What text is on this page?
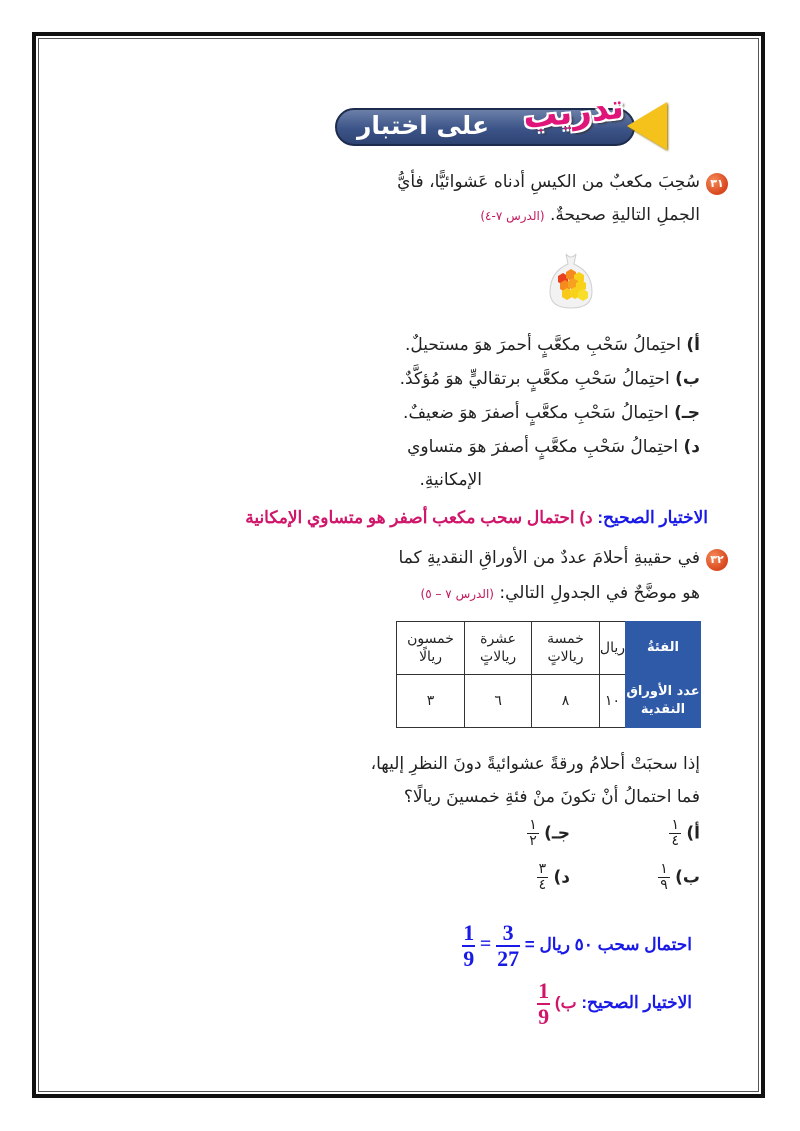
على اختبار تدريب
٣١
سُحِبَ مكعبٌ من الكيسِ أدناه عَشوائيًّا، فأيُّ
الجملِ التاليةِ صحيحةٌ. (الدرس ٧-٤)
أ) احتِمالُ سَحْبِ مكعَّبٍ أحمرَ هوَ مستحيلٌ.
ب) احتِمالُ سَحْبِ مكعَّبٍ برتقاليٍّ هوَ مُؤكَّدٌ.
جـ) احتِمالُ سَحْبِ مكعَّبٍ أصفرَ هوَ ضعيفٌ.
د) احتِمالُ سَحْبِ مكعَّبٍ أصفرَ هوَ متساوي
الإمكانيةِ.
الاختيار الصحيح: د) احتمال سحب مكعب أصفر هو متساوي الإمكانية
٣٢
في حقيبةِ أحلامَ عددٌ من الأوراقِ النقديةِ كما
هو موضَّحٌ في الجدولِ التالي: (الدرس ٧ – ٥)
الفئةُ	ريال	خمسة ريالاتٍ	عشرة ريالاتٍ	خمسون ريالًا
عدد الأوراق النقدية	١٠	٨	٦	٣
إذا سحبَتْ أحلامُ ورقةً عشوائيةً دونَ النظرِ إليها،
فما احتمالُ أنْ تكونَ منْ فئةِ خمسينَ ريالًا؟
أ)
$\frac{١}{٤}$
ب)
$\frac{١}{٩}$
جـ)
$\frac{١}{٢}$
د)
$\frac{٣}{٤}$
احتمال سحب ٥٠ ريال =
$\frac{3}{27}$
=
$\frac{1}{9}$
الاختيار الصحيح: ب)
$\frac{1}{9}$
